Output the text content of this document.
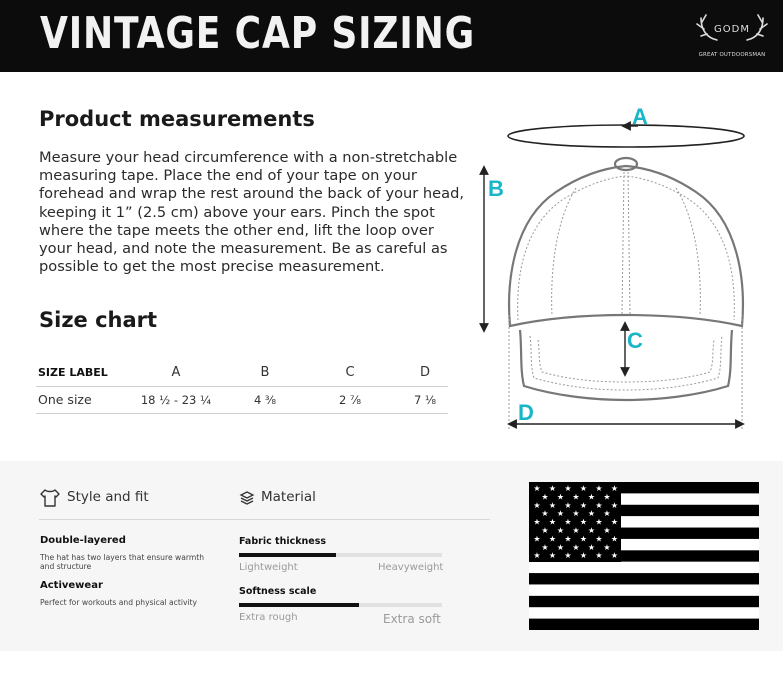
VINTAGE CAP SIZING	GODM
GREAT OUTDOORSMAN
Product measurements
Measure your head circumference with a non-stretchable measuring tape. Place the end of your tape on your forehead and wrap the rest around the back of your head, keeping it 1” (2.5 cm) above your ears. Pinch the spot where the tape meets the other end, lift the loop over your head, and note the measurement. Be as careful as possible to get the most precise measurement.
Size chart
SIZE LABEL	A	B	C	D
One size	18 ½ - 23 ¼	4 ⅜	2 ⅞	7 ⅛
A
B
C
D
Style and fit	Material
Double-layered
The hat has two layers that ensure warmth and structure
Activewear
Perfect for workouts and physical activity
Fabric thickness
Lightweight	Heavyweight
Softness scale
Extra rough	Extra soft
★ ★ ★ ★ ★ ★
★ ★ ★ ★ ★
★ ★ ★ ★ ★ ★
★ ★ ★ ★ ★
★ ★ ★ ★ ★ ★
★ ★ ★ ★ ★
★ ★ ★ ★ ★ ★
★ ★ ★ ★ ★
★ ★ ★ ★ ★ ★
